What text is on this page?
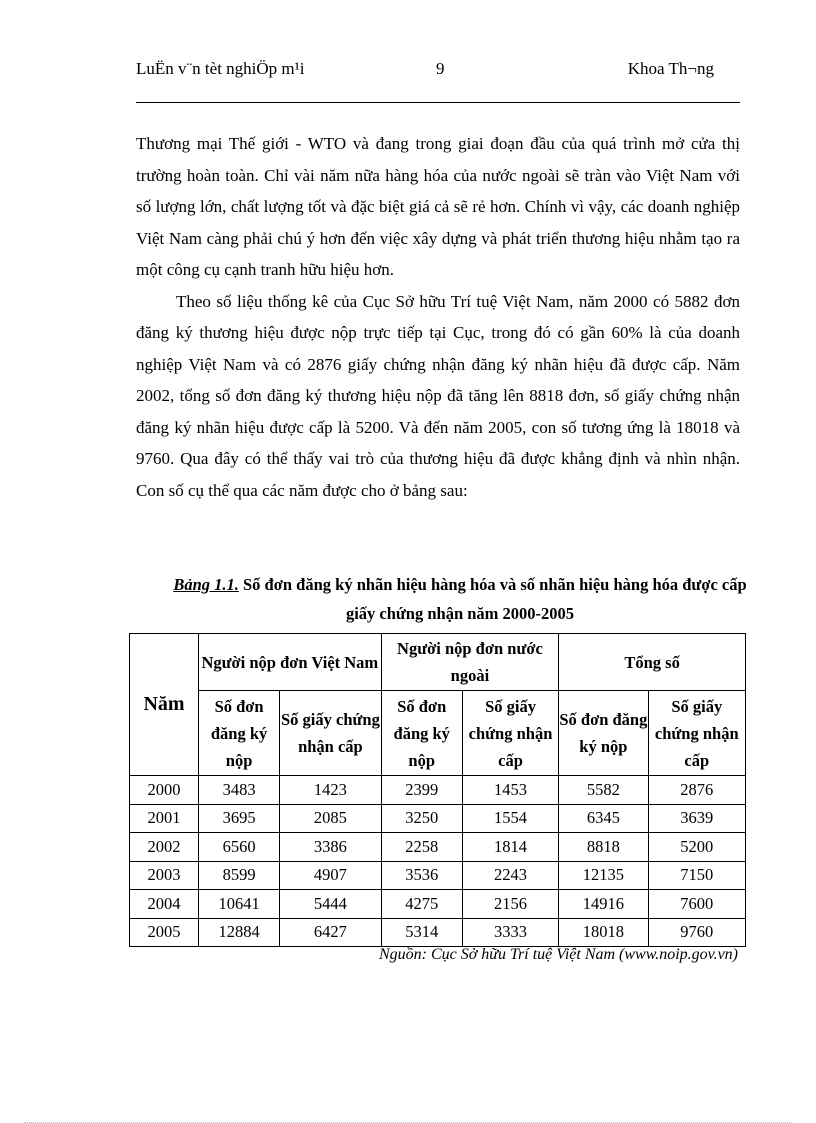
LuËn v¨n tèt nghiÖp m¹i	9	Khoa Th¬ng

Thương mại Thế giới - WTO và đang trong giai đoạn đầu của quá trình mở cửa thị trường hoàn toàn. Chỉ vài năm nữa hàng hóa của nước ngoài sẽ tràn vào Việt Nam với số lượng lớn, chất lượng tốt và đặc biệt giá cả sẽ rẻ hơn. Chính vì vậy, các doanh nghiệp Việt Nam càng phải chú ý hơn đến việc xây dựng và phát triển thương hiệu nhằm tạo ra một công cụ cạnh tranh hữu hiệu hơn.

Theo số liệu thống kê của Cục Sở hữu Trí tuệ Việt Nam, năm 2000 có 5882 đơn đăng ký thương hiệu được nộp trực tiếp tại Cục, trong đó có gần 60% là của doanh nghiệp Việt Nam và có 2876 giấy chứng nhận đăng ký nhãn hiệu đã được cấp. Năm 2002, tổng số đơn đăng ký thương hiệu nộp đã tăng lên 8818 đơn, số giấy chứng nhận đăng ký nhãn hiệu được cấp là 5200. Và đến năm 2005, con số tương ứng là 18018 và 9760. Qua đây có thể thấy vai trò của thương hiệu đã được khẳng định và nhìn nhận. Con số cụ thể qua các năm được cho ở bảng sau:

Bảng 1.1. Số đơn đăng ký nhãn hiệu hàng hóa và số nhãn hiệu hàng hóa được cấp giấy chứng nhận năm 2000-2005
Năm	Người nộp đơn Việt Nam		Người nộp đơn nước ngoài		Tổng số	
	Số đơn đăng ký nộp	Số giấy chứng nhận cấp	Số đơn đăng ký nộp	Số giấy chứng nhận cấp	Số đơn đăng ký nộp	Số giấy chứng nhận cấp
2000	3483	1423	2399	1453	5582	2876
2001	3695	2085	3250	1554	6345	3639
2002	6560	3386	2258	1814	8818	5200
2003	8599	4907	3536	2243	12135	7150
2004	10641	5444	4275	2156	14916	7600
2005	12884	6427	5314	3333	18018	9760
Nguồn: Cục Sở hữu Trí tuệ Việt Nam (www.noip.gov.vn)
